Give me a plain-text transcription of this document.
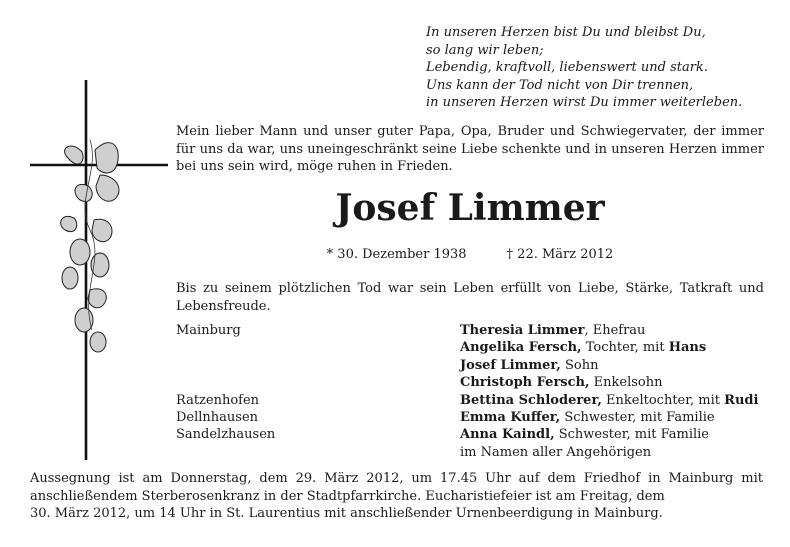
In unseren Herzen bist Du und bleibst Du,
so lang wir leben;
Lebendig, kraftvoll, liebenswert und stark.
Uns kann der Tod nicht von Dir trennen,
in unseren Herzen wirst Du immer weiterleben.
Mein lieber Mann und unser guter Papa, Opa, Bruder und Schwiegervater, der immer für uns da war, uns uneingeschränkt seine Liebe schenkte und in unseren Herzen immer bei uns sein wird, möge ruhen in Frieden.
Josef Limmer
* 30. Dezember 1938	† 22. März 2012
Bis zu seinem plötzlichen Tod war sein Leben erfüllt von Liebe, Stärke, Tatkraft und Lebensfreude.
Mainburg	Theresia Limmer, Ehefrau
Angelika Fersch, Tochter, mit Hans
Josef Limmer, Sohn
Christoph Fersch, Enkelsohn
Ratzenhofen	Bettina Schloderer, Enkeltochter, mit Rudi
Dellnhausen	Emma Kuffer, Schwester, mit Familie
Sandelzhausen	Anna Kaindl, Schwester, mit Familie
im Namen aller Angehörigen
Aussegnung ist am Donnerstag, dem 29. März 2012, um 17.45 Uhr auf dem Friedhof in Mainburg mit anschließendem Sterberosenkranz in der Stadtpfarrkirche. Eucharistiefeier ist am Freitag, dem
30. März 2012, um 14 Uhr in St. Laurentius mit anschließender Urnenbeerdigung in Mainburg.
